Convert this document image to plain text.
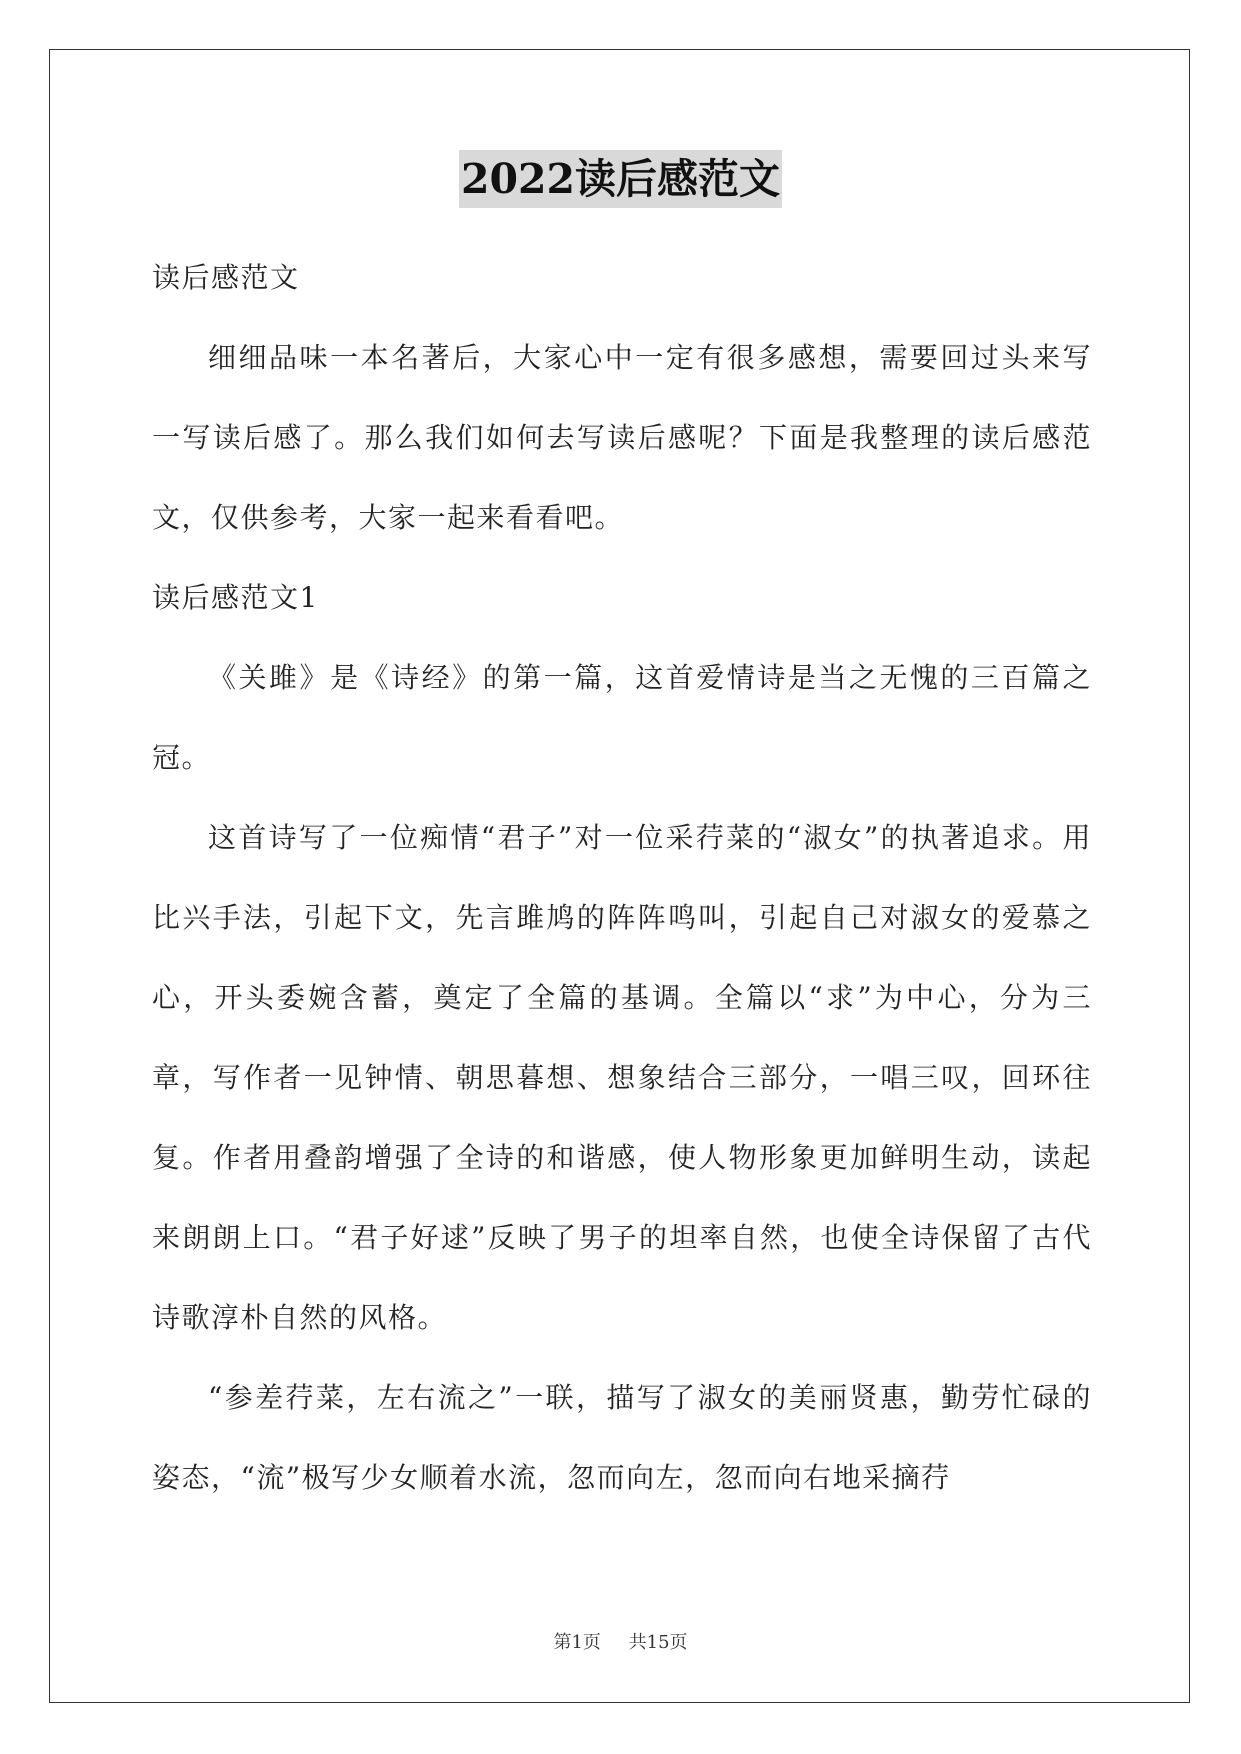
2022读后感范文

读后感范文

细细品味一本名著后，大家心中一定有很多感想，需要回过头来写一写读后感了。那么我们如何去写读后感呢？下面是我整理的读后感范文，仅供参考，大家一起来看看吧。

读后感范文1

《关雎》是《诗经》的第一篇，这首爱情诗是当之无愧的三百篇之冠。

这首诗写了一位痴情“君子”对一位采荇菜的“淑女”的执著追求。用比兴手法，引起下文，先言雎鸠的阵阵鸣叫，引起自己对淑女的爱慕之心，开头委婉含蓄，奠定了全篇的基调。全篇以“求”为中心，分为三章，写作者一见钟情、朝思暮想、想象结合三部分，一唱三叹，回环往复。作者用叠韵增强了全诗的和谐感，使人物形象更加鲜明生动，读起来朗朗上口。“君子好逑”反映了男子的坦率自然，也使全诗保留了古代诗歌淳朴自然的风格。

“参差荇菜，左右流之”一联，描写了淑女的美丽贤惠，勤劳忙碌的姿态，“流”极写少女顺着水流，忽而向左，忽而向右地采摘荇

第1页 共15页
